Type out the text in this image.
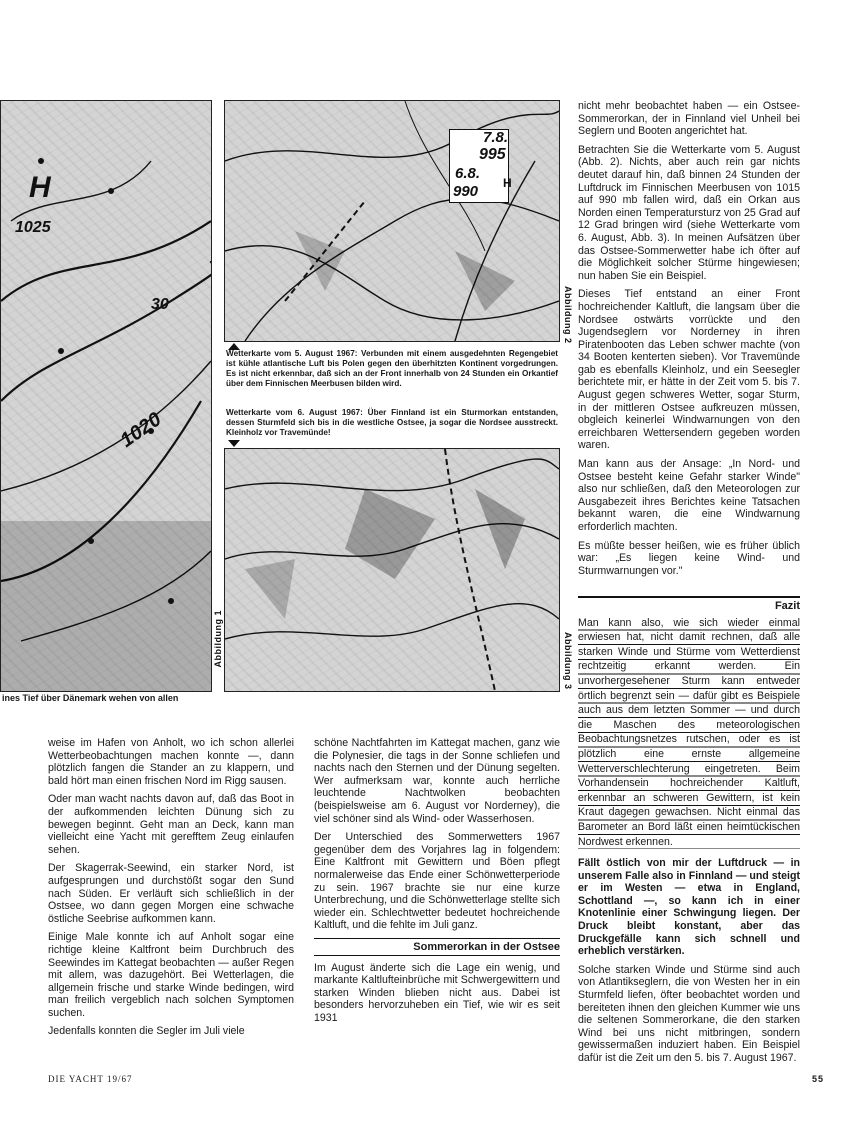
H
1025
1020
30
Abbildung 1

ines Tief über Dänemark wehen von allen

7.8.
995
6.8.
990 H
Abbildung 2

Wetterkarte vom 5. August 1967: Verbunden mit einem ausgedehnten Regengebiet ist kühle atlantische Luft bis Polen gegen den überhitzten Kontinent vorgedrungen. Es ist nicht erkennbar, daß sich an der Front innerhalb von 24 Stunden ein Orkantief über dem Finnischen Meerbusen bilden wird.

Wetterkarte vom 6. August 1967: Über Finnland ist ein Sturmorkan entstanden, dessen Sturmfeld sich bis in die westliche Ostsee, ja sogar die Nordsee ausstreckt. Kleinholz vor Travemünde!

Abbildung 3

nicht mehr beobachtet haben — ein Ostsee-Sommerorkan, der in Finnland viel Unheil bei Seglern und Booten angerichtet hat.

Betrachten Sie die Wetterkarte vom 5. August (Abb. 2). Nichts, aber auch rein gar nichts deutet darauf hin, daß binnen 24 Stunden der Luftdruck im Finnischen Meerbusen von 1015 auf 990 mb fallen wird, daß ein Orkan aus Norden einen Temperatursturz von 25 Grad auf 12 Grad bringen wird (siehe Wetterkarte vom 6. August, Abb. 3). In meinen Aufsätzen über das Ostsee-Sommerwetter habe ich öfter auf die Möglichkeit solcher Stürme hingewiesen; nun haben Sie ein Beispiel.

Dieses Tief entstand an einer Front hochreichender Kaltluft, die langsam über die Nordsee ostwärts vorrückte und den Jugendseglern vor Norderney in ihren Piratenbooten das Leben schwer machte (von 34 Booten kenterten sieben). Vor Travemünde gab es ebenfalls Kleinholz, und ein Seesegler berichtete mir, er hätte in der Zeit vom 5. bis 7. August gegen schweres Wetter, sogar Sturm, in der mittleren Ostsee aufkreuzen müssen, obgleich keinerlei Windwarnungen von den erreichbaren Wettersendern gegeben worden waren.

Man kann aus der Ansage: „In Nord- und Ostsee besteht keine Gefahr starker Winde" also nur schließen, daß den Meteorologen zur Ausgabezeit ihres Berichtes keine Tatsachen bekannt waren, die eine Windwarnung erforderlich machten.

Es müßte besser heißen, wie es früher üblich war: „Es liegen keine Wind- und Sturmwarnungen vor."

Fazit

Man kann also, wie sich wieder einmal erwiesen hat, nicht damit rechnen, daß alle starken Winde und Stürme vom Wetterdienst rechtzeitig erkannt werden. Ein unvorhergesehener Sturm kann entweder örtlich begrenzt sein — dafür gibt es Beispiele auch aus dem letzten Sommer — und durch die Maschen des meteorologischen Beobachtungsnetzes rutschen, oder es ist plötzlich eine ernste allgemeine Wetterverschlechterung eingetreten. Beim Vorhandensein hochreichender Kaltluft, erkennbar an schweren Gewittern, ist kein Kraut dagegen gewachsen. Nicht einmal das Barometer an Bord läßt einen heimtückischen Nordwest erkennen.

Fällt östlich von mir der Luftdruck — in unserem Falle also in Finnland — und steigt er im Westen — etwa in England, Schottland —, so kann ich in einer Knotenlinie einer Schwingung liegen. Der Druck bleibt konstant, aber das Druckgefälle kann sich schnell und erheblich verstärken.

Solche starken Winde und Stürme sind auch von Atlantikseglern, die von Westen her in ein Sturmfeld liefen, öfter beobachtet worden und bereiteten ihnen den gleichen Kummer wie uns die seltenen Sommerorkane, die den starken Wind bei uns nicht mitbringen, sondern gewissermaßen induziert haben. Ein Beispiel dafür ist die Zeit um den 5. bis 7. August 1967.

weise im Hafen von Anholt, wo ich schon allerlei Wetterbeobachtungen machen konnte —, dann plötzlich fangen die Stander an zu klappern, und bald hört man einen frischen Nord im Rigg sausen.

Oder man wacht nachts davon auf, daß das Boot in der aufkommenden leichten Dünung sich zu bewegen beginnt. Geht man an Deck, kann man vielleicht eine Yacht mit gerefftem Zeug einlaufen sehen.

Der Skagerrak-Seewind, ein starker Nord, ist aufgesprungen und durchstößt sogar den Sund nach Süden. Er verläuft sich schließlich in der Ostsee, wo dann gegen Morgen eine schwache östliche Seebrise aufkommen kann.

Einige Male konnte ich auf Anholt sogar eine richtige kleine Kaltfront beim Durchbruch des Seewindes im Kattegat beobachten — außer Regen mit allem, was dazugehört. Bei Wetterlagen, die allgemein frische und starke Winde bedingen, wird man freilich vergeblich nach solchen Symptomen suchen.

Jedenfalls konnten die Segler im Juli viele

schöne Nachtfahrten im Kattegat machen, ganz wie die Polynesier, die tags in der Sonne schliefen und nachts nach den Sternen und der Dünung segelten. Wer aufmerksam war, konnte auch herrliche leuchtende Nachtwolken beobachten (beispielsweise am 6. August vor Norderney), die viel schöner sind als Wind- oder Wasserhosen.

Der Unterschied des Sommerwetters 1967 gegenüber dem des Vorjahres lag in folgendem: Eine Kaltfront mit Gewittern und Böen pflegt normalerweise das Ende einer Schönwetterperiode zu sein. 1967 brachte sie nur eine kurze Unterbrechung, und die Schönwetterlage stellte sich wieder ein. Schlechtwetter bedeutet hochreichende Kaltluft, und die fehlte im Juli ganz.

Sommerorkan in der Ostsee

Im August änderte sich die Lage ein wenig, und markante Kaltlufteinbrüche mit Schwergewittern und starken Winden blieben nicht aus. Dabei ist besonders hervorzuheben ein Tief, wie wir es seit 1931

DIE YACHT 19/67	55
